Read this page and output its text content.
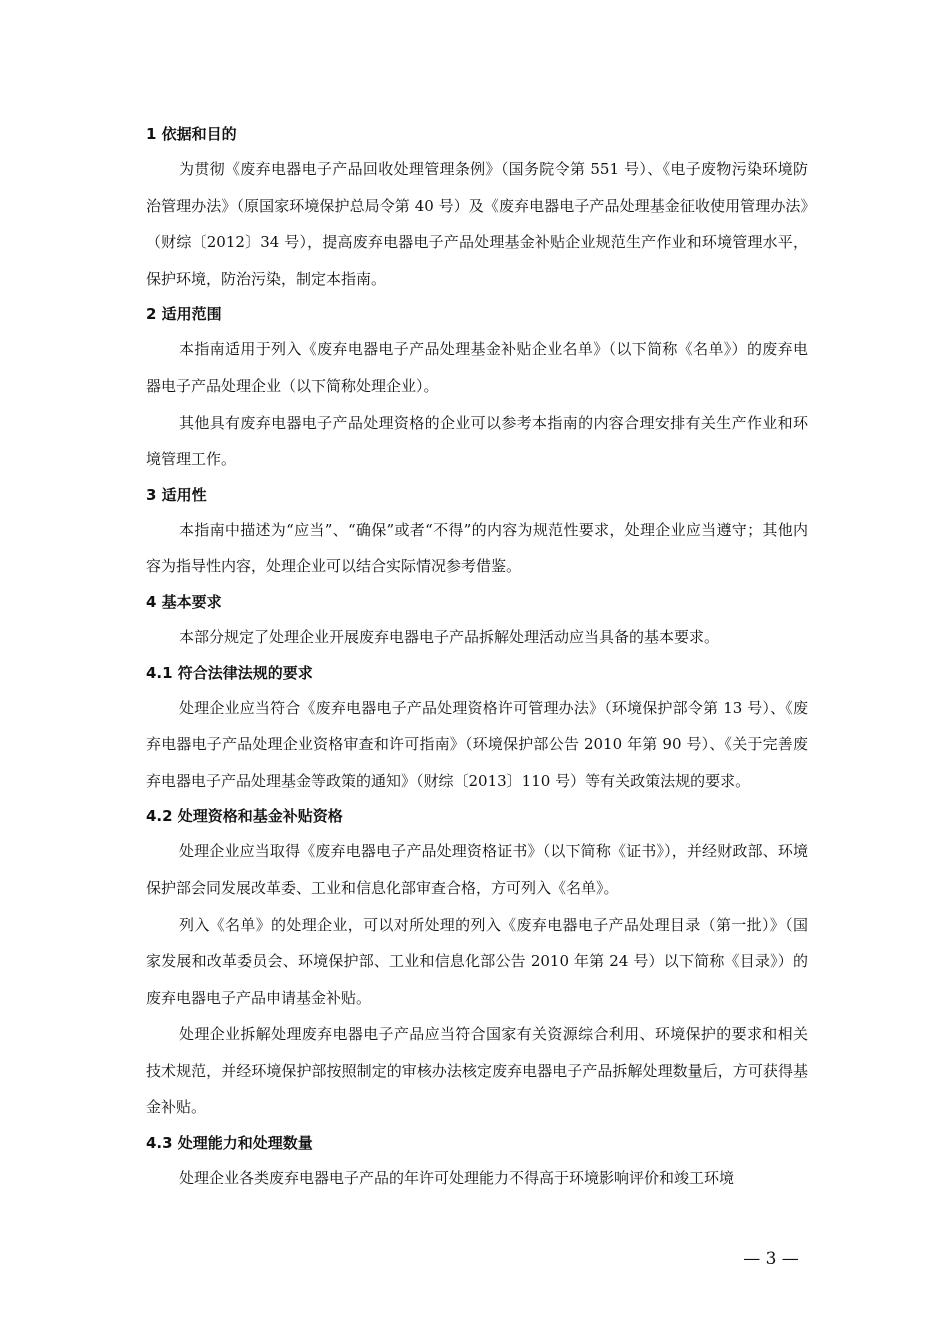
1 依据和目的

为贯彻《废弃电器电子产品回收处理管理条例》（国务院令第 551 号）、《电子废物污染环境防治管理办法》（原国家环境保护总局令第 40 号）及《废弃电器电子产品处理基金征收使用管理办法》（财综〔2012〕34 号），提高废弃电器电子产品处理基金补贴企业规范生产作业和环境管理水平，保护环境，防治污染，制定本指南。

2 适用范围

本指南适用于列入《废弃电器电子产品处理基金补贴企业名单》（以下简称《名单》）的废弃电器电子产品处理企业（以下简称处理企业）。

其他具有废弃电器电子产品处理资格的企业可以参考本指南的内容合理安排有关生产作业和环境管理工作。

3 适用性

本指南中描述为“应当”、“确保”或者“不得”的内容为规范性要求，处理企业应当遵守；其他内容为指导性内容，处理企业可以结合实际情况参考借鉴。

4 基本要求

本部分规定了处理企业开展废弃电器电子产品拆解处理活动应当具备的基本要求。

4.1 符合法律法规的要求

处理企业应当符合《废弃电器电子产品处理资格许可管理办法》（环境保护部令第 13 号）、《废弃电器电子产品处理企业资格审查和许可指南》（环境保护部公告 2010 年第 90 号）、《关于完善废弃电器电子产品处理基金等政策的通知》（财综〔2013〕110 号）等有关政策法规的要求。

4.2 处理资格和基金补贴资格

处理企业应当取得《废弃电器电子产品处理资格证书》（以下简称《证书》），并经财政部、环境保护部会同发展改革委、工业和信息化部审查合格，方可列入《名单》。

列入《名单》的处理企业，可以对所处理的列入《废弃电器电子产品处理目录（第一批）》（国家发展和改革委员会、环境保护部、工业和信息化部公告 2010 年第 24 号）以下简称《目录》）的废弃电器电子产品申请基金补贴。

处理企业拆解处理废弃电器电子产品应当符合国家有关资源综合利用、环境保护的要求和相关技术规范，并经环境保护部按照制定的审核办法核定废弃电器电子产品拆解处理数量后，方可获得基金补贴。

4.3 处理能力和处理数量

处理企业各类废弃电器电子产品的年许可处理能力不得高于环境影响评价和竣工环境

— 3 —
